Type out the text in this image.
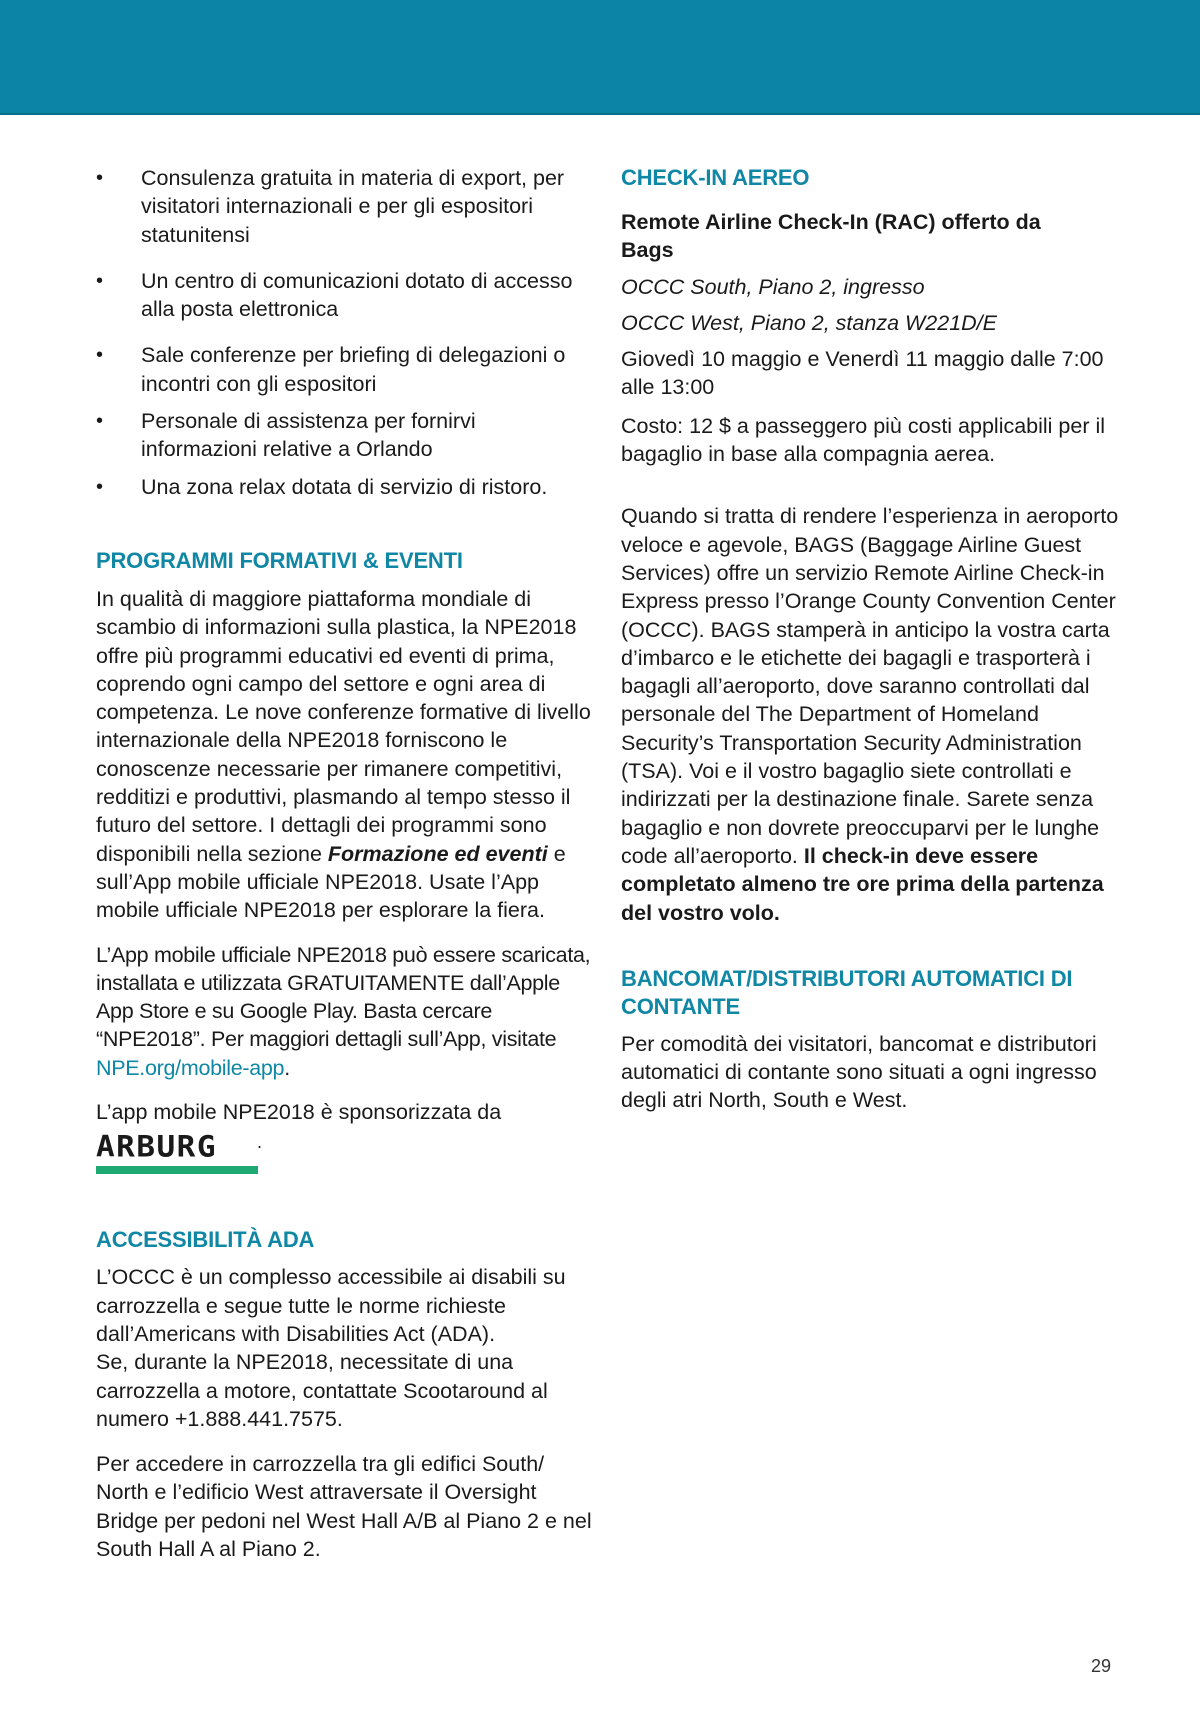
• Consulenza gratuita in materia di export, per visitatori internazionali e per gli espositori statunitensi
• Un centro di comunicazioni dotato di accesso alla posta elettronica
• Sale conferenze per briefing di delegazioni o incontri con gli espositori
• Personale di assistenza per fornirvi informazioni relative a Orlando
• Una zona relax dotata di servizio di ristoro.
PROGRAMMI FORMATIVI & EVENTI

In qualità di maggiore piattaforma mondiale di scambio di informazioni sulla plastica, la NPE2018 offre più programmi educativi ed eventi di prima, coprendo ogni campo del settore e ogni area di competenza. Le nove conferenze formative di livello internazionale della NPE2018 forniscono le conoscenze necessarie per rimanere competitivi, redditizi e produttivi, plasmando al tempo stesso il futuro del settore. I dettagli dei programmi sono disponibili nella sezione Formazione ed eventi e sull’App mobile ufficiale NPE2018. Usate l’App mobile ufficiale NPE2018 per esplorare la fiera.

L’App mobile ufficiale NPE2018 può essere scaricata, installata e utilizzata GRATUITAMENTE dall’Apple App Store e su Google Play. Basta cercare “NPE2018”. Per maggiori dettagli sull’App, visitate NPE.org/mobile-app.

L’app mobile NPE2018 è sponsorizzata da

ARBURG	.
ACCESSIBILITÀ ADA

L’OCCC è un complesso accessibile ai disabili su carrozzella e segue tutte le norme richieste dall’Americans with Disabilities Act (ADA).
Se, durante la NPE2018, necessitate di una carrozzella a motore, contattate Scootaround al numero +1.888.441.7575.

Per accedere in carrozzella tra gli edifici South/ North e l’edificio West attraversate il Oversight Bridge per pedoni nel West Hall A/B al Piano 2 e nel South Hall A al Piano 2.

CHECK-IN AEREO

Remote Airline Check-In (RAC) offerto da Bags

OCCC South, Piano 2, ingresso

OCCC West, Piano 2, stanza W221D/E

Giovedì 10 maggio e Venerdì 11 maggio dalle 7:00 alle 13:00

Costo: 12 $ a passeggero più costi applicabili per il bagaglio in base alla compagnia aerea.

Quando si tratta di rendere l’esperienza in aeroporto veloce e agevole, BAGS (Baggage Airline Guest Services) offre un servizio Remote Airline Check-in Express presso l’Orange County Convention Center (OCCC). BAGS stamperà in anticipo la vostra carta d’imbarco e le etichette dei bagagli e trasporterà i bagagli all’aeroporto, dove saranno controllati dal personale del The Department of Homeland Security’s Transportation Security Administration (TSA). Voi e il vostro bagaglio siete controllati e indirizzati per la destinazione finale. Sarete senza bagaglio e non dovrete preoccuparvi per le lunghe code all’aeroporto. Il check-in deve essere completato almeno tre ore prima della partenza del vostro volo.

BANCOMAT/DISTRIBUTORI AUTOMATICI DI CONTANTE

Per comodità dei visitatori, bancomat e distributori automatici di contante sono situati a ogni ingresso degli atri North, South e West.

29
